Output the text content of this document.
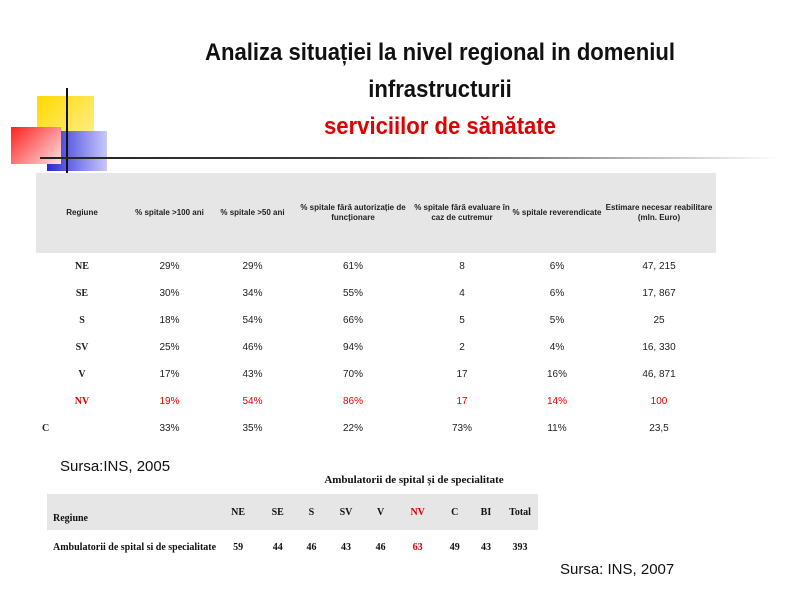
Analiza situației la nivel regional in domeniul
infrastructurii
serviciilor de sănătate
Regiune	% spitale >100 ani	% spitale >50 ani	% spitale fără autorizație de funcționare	% spitale fără evaluare în caz de cutremur	% spitale reverendicate	Estimare necesar reabilitare (mln. Euro)
NE	29%	29%	61%	8	6%	47, 215
SE	30%	34%	55%	4	6%	17, 867
S	18%	54%	66%	5	5%	25
SV	25%	46%	94%	2	4%	16, 330
V	17%	43%	70%	17	16%	46, 871
NV	19%	54%	86%	17	14%	100
C	33%	35%	22%	73%	11%	23,5
Sursa:INS, 2005
Ambulatorii de spital și de specialitate
Regiune	NE	SE	S	SV	V	NV	C	BI	Total
Ambulatorii de spital si de specialitate	59	44	46	43	46	63	49	43	393
Sursa: INS, 2007
